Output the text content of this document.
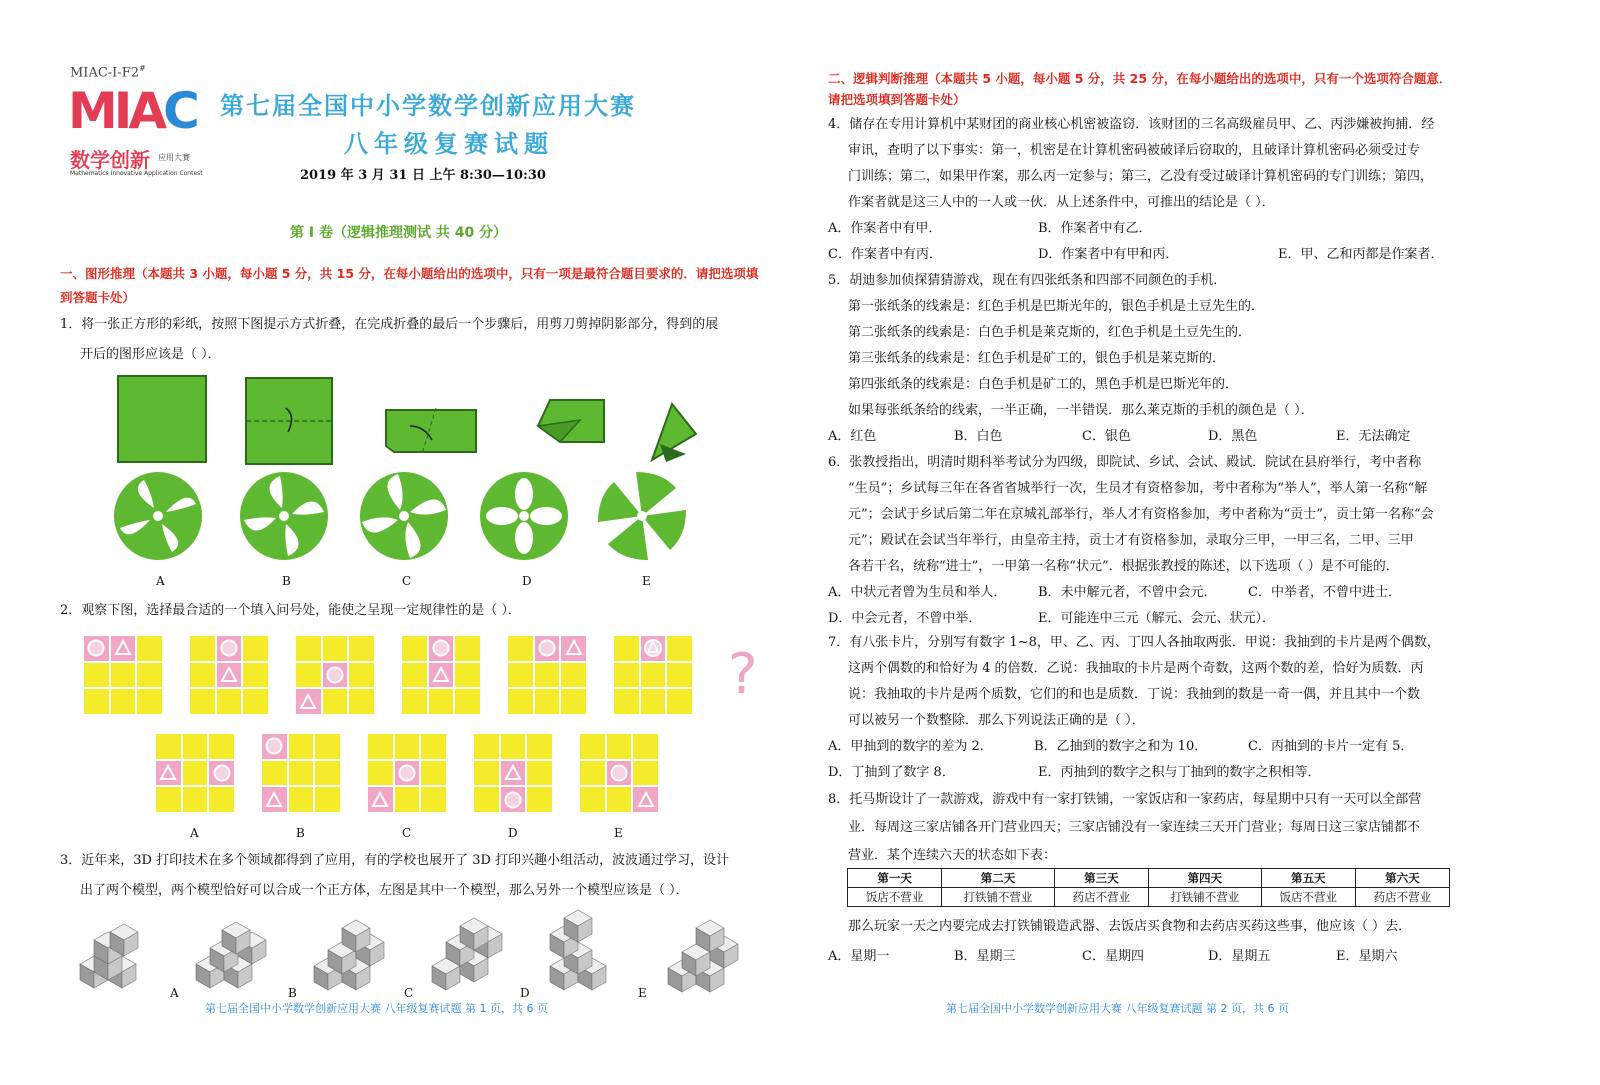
MIAC-I-F2#
MIAC
数学创新 应用大赛
Mathematics Innovative Application Contest
第七届全国中小学数学创新应用大赛
八年级复赛试题
2019 年 3 月 31 日 上午 8:30—10:30
第 I 卷（逻辑推理测试 共 40 分）
一、图形推理（本题共 3 小题，每小题 5 分，共 15 分，在每小题给出的选项中，只有一项是最符合题目要求的．请把选项填到答题卡处）
1．将一张正方形的彩纸，按照下图提示方式折叠，在完成折叠的最后一个步骤后，用剪刀剪掉阴影部分，得到的展
开后的图形应该是（ ）．
A	B	C	D	E
2．观察下图，选择最合适的一个填入问号处，能使之呈现一定规律性的是（ ）．
?
A	B	C	D	E
3．近年来，3D 打印技术在多个领域都得到了应用，有的学校也展开了 3D 打印兴趣小组活动，波波通过学习，设计
出了两个模型，两个模型恰好可以合成一个正方体，左图是其中一个模型，那么另外一个模型应该是（ ）．
A	B	C	D	E
第七届全国中小学数学创新应用大赛 八年级复赛试题 第 1 页，共 6 页
二、逻辑判断推理（本题共 5 小题，每小题 5 分，共 25 分，在每小题给出的选项中，只有一个选项符合题意．请把选项填到答题卡处）
4．储存在专用计算机中某财团的商业核心机密被盗窃．该财团的三名高级雇员甲、乙、丙涉嫌被拘捕．经
审讯，查明了以下事实：第一，机密是在计算机密码被破译后窃取的，且破译计算机密码必须受过专
门训练；第二，如果甲作案，那么丙一定参与；第三，乙没有受过破译计算机密码的专门训练；第四，
作案者就是这三人中的一人或一伙．从上述条件中，可推出的结论是（ ）．
A．作案者中有甲．	B．作案者中有乙．
C．作案者中有丙．	D．作案者中有甲和丙．	E．甲、乙和丙都是作案者．
5．胡迪参加侦探猜猜游戏，现在有四张纸条和四部不同颜色的手机．
第一张纸条的线索是：红色手机是巴斯光年的，银色手机是土豆先生的．
第二张纸条的线索是：白色手机是莱克斯的，红色手机是土豆先生的．
第三张纸条的线索是：红色手机是矿工的，银色手机是莱克斯的．
第四张纸条的线索是：白色手机是矿工的，黑色手机是巴斯光年的．
如果每张纸条给的线索，一半正确，一半错误．那么莱克斯的手机的颜色是（ ）．
A．红色	B．白色	C．银色	D．黑色	E．无法确定
6．张教授指出，明清时期科举考试分为四级，即院试、乡试、会试、殿试．院试在县府举行，考中者称
“生员”；乡试每三年在各省省城举行一次，生员才有资格参加，考中者称为“举人”，举人第一名称“解
元”；会试于乡试后第二年在京城礼部举行，举人才有资格参加，考中者称为“贡士”，贡士第一名称“会
元”；殿试在会试当年举行，由皇帝主持，贡士才有资格参加，录取分三甲，一甲三名，二甲、三甲
各若干名，统称“进士”，一甲第一名称“状元”．根据张教授的陈述，以下选项（ ）是不可能的．
A．中状元者曾为生员和举人． B．未中解元者，不曾中会元． C．中举者，不曾中进士．
D．中会元者，不曾中举．	E．可能连中三元（解元、会元、状元）．
7．有八张卡片，分别写有数字 1~8，甲、乙、丙、丁四人各抽取两张．甲说：我抽到的卡片是两个偶数，
这两个偶数的和恰好为 4 的倍数．乙说：我抽取的卡片是两个奇数，这两个数的差，恰好为质数．丙
说：我抽取的卡片是两个质数，它们的和也是质数．丁说：我抽到的数是一奇一偶，并且其中一个数
可以被另一个数整除．那么下列说法正确的是（ ）．
A．甲抽到的数字的差为 2．	B．乙抽到的数字之和为 10．	C．丙抽到的卡片一定有 5．
D．丁抽到了数字 8．	E．丙抽到的数字之积与丁抽到的数字之积相等．
8．托马斯设计了一款游戏，游戏中有一家打铁铺，一家饭店和一家药店，每星期中只有一天可以全部营
业．每周这三家店铺各开门营业四天；三家店铺没有一家连续三天开门营业；每周日这三家店铺都不
营业．某个连续六天的状态如下表：
第一天	第二天	第三天	第四天	第五天	第六天
饭店不营业	打铁铺不营业	药店不营业	打铁铺不营业	饭店不营业	药店不营业
那么玩家一天之内要完成去打铁铺锻造武器、去饭店买食物和去药店买药这些事，他应该（ ）去．
A．星期一	B．星期三	C．星期四	D．星期五	E．星期六
第七届全国中小学数学创新应用大赛 八年级复赛试题 第 2 页，共 6 页
